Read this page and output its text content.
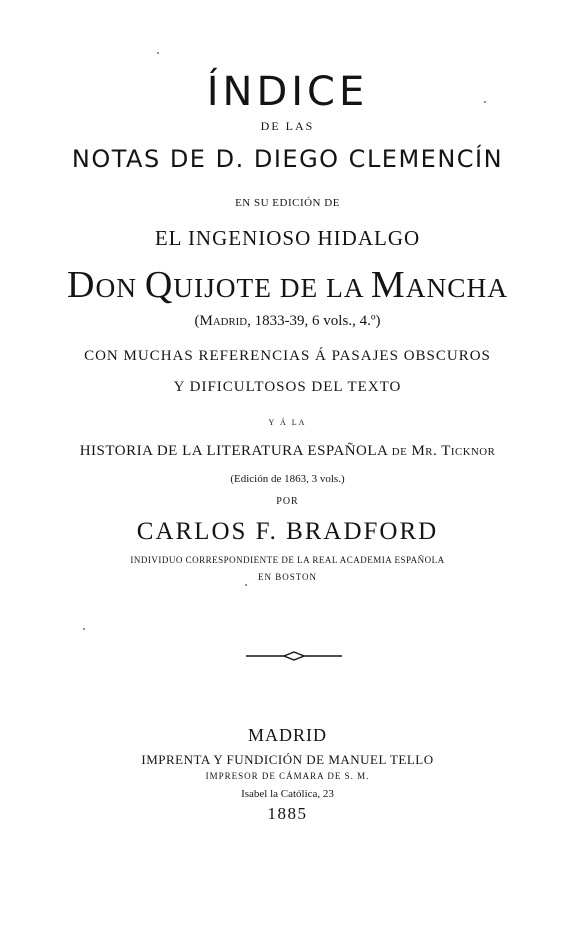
ÍNDICE
DE LAS
NOTAS DE D. DIEGO CLEMENCÍN
EN SU EDICIÓN DE
EL INGENIOSO HIDALGO
DON QUIJOTE DE LA MANCHA
(MADRID, 1833-39, 6 vols., 4.º)
CON MUCHAS REFERENCIAS Á PASAJES OBSCUROS
Y DIFICULTOSOS DEL TEXTO
Y Á LA
HISTORIA DE LA LITERATURA ESPAÑOLA DE MR. TICKNOR
(Edición de 1863, 3 vols.)
POR
CARLOS F. BRADFORD
INDIVIDUO CORRESPONDIENTE DE LA REAL ACADEMIA ESPAÑOLA
EN BOSTON
MADRID
IMPRENTA Y FUNDICIÓN DE MANUEL TELLO
IMPRESOR DE CÁMARA DE S. M.
Isabel la Católica, 23
1885
